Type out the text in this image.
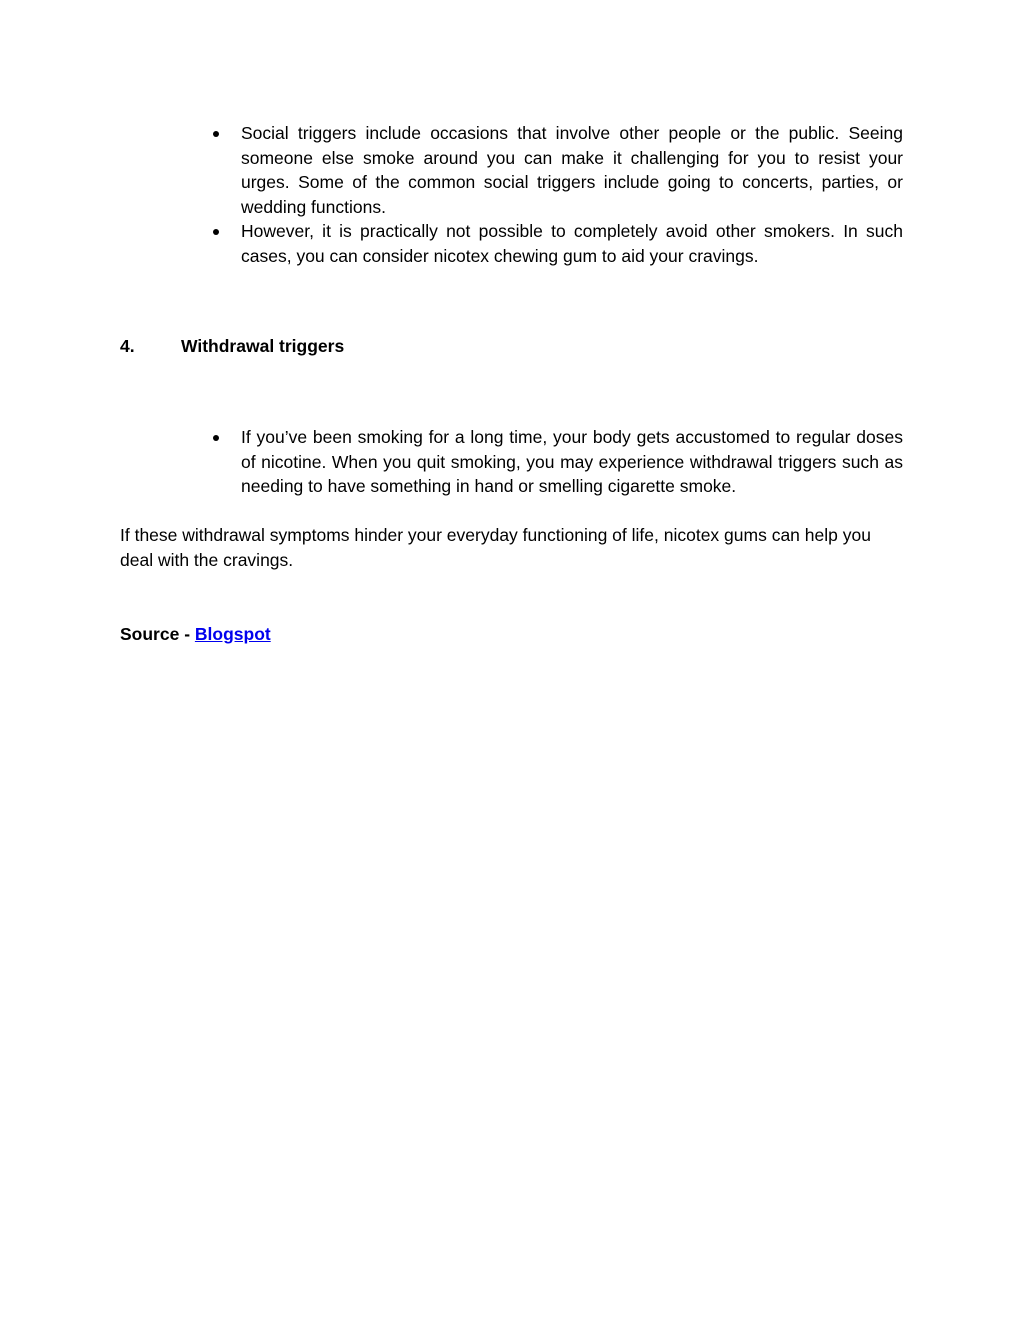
Social triggers include occasions that involve other people or the public. Seeing someone else smoke around you can make it challenging for you to resist your urges. Some of the common social triggers include going to concerts, parties, or wedding functions.
However, it is practically not possible to completely avoid other smokers. In such cases, you can consider nicotex chewing gum to aid your cravings.
4.	Withdrawal triggers
If you’ve been smoking for a long time, your body gets accustomed to regular doses of nicotine. When you quit smoking, you may experience withdrawal triggers such as needing to have something in hand or smelling cigarette smoke.

If these withdrawal symptoms hinder your everyday functioning of life, nicotex gums can help you deal with the cravings.

Source - Blogspot
